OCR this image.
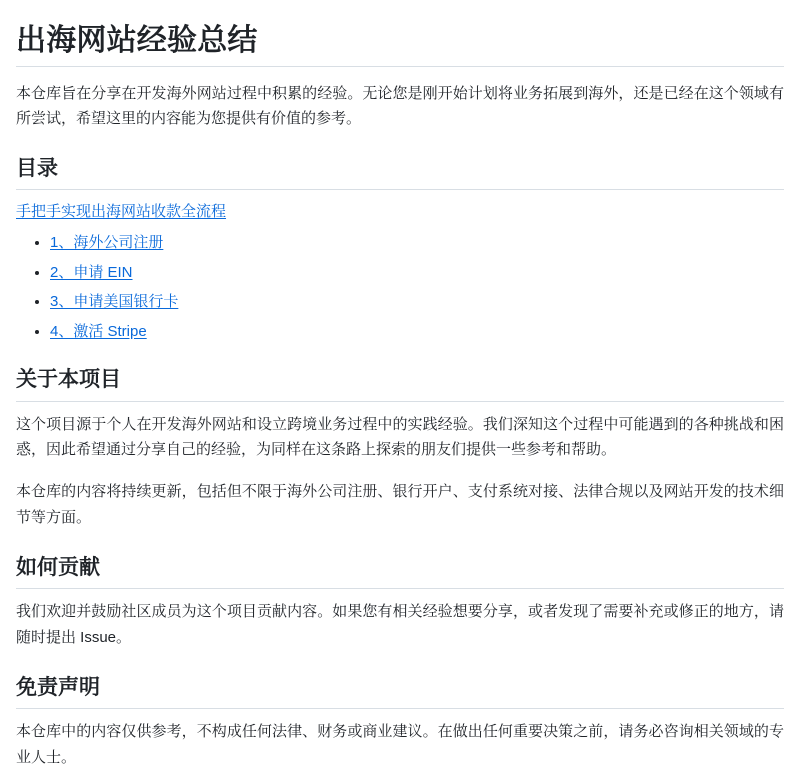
出海网站经验总结

本仓库旨在分享在开发海外网站过程中积累的经验。无论您是刚开始计划将业务拓展到海外，还是已经在这个领域有所尝试，希望这里的内容能为您提供有价值的参考。

目录
手把手实现出海网站收款全流程
• 1、海外公司注册
• 2、申请 EIN
• 3、申请美国银行卡
• 4、激活 Stripe
关于本项目

这个项目源于个人在开发海外网站和设立跨境业务过程中的实践经验。我们深知这个过程中可能遇到的各种挑战和困惑，因此希望通过分享自己的经验，为同样在这条路上探索的朋友们提供一些参考和帮助。

本仓库的内容将持续更新，包括但不限于海外公司注册、银行开户、支付系统对接、法律合规以及网站开发的技术细节等方面。

如何贡献

我们欢迎并鼓励社区成员为这个项目贡献内容。如果您有相关经验想要分享，或者发现了需要补充或修正的地方，请随时提出 Issue。

免责声明

本仓库中的内容仅供参考，不构成任何法律、财务或商业建议。在做出任何重要决策之前，请务必咨询相关领域的专业人士。
